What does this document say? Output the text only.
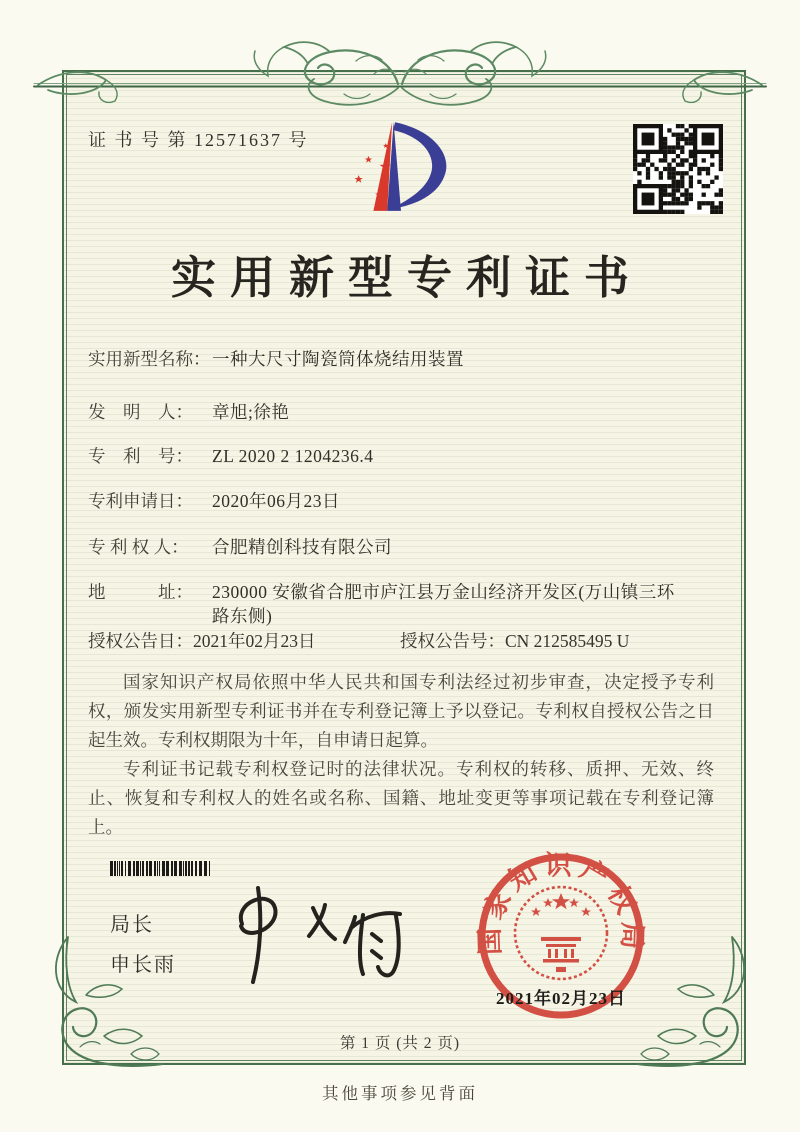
证 书 号 第 12571637 号
实用新型专利证书
实用新型名称：一种大尺寸陶瓷筒体烧结用装置
发　明　人： 章旭;徐艳
专　利　号： ZL 2020 2 1204236.4
专利申请日： 2020年06月23日
专 利 权 人： 合肥精创科技有限公司
地　　　址： 230000 安徽省合肥市庐江县万金山经济开发区(万山镇三环路东侧)
授权公告日：2021年02月23日	授权公告号：CN 212585495 U

国家知识产权局依照中华人民共和国专利法经过初步审查，决定授予专利权，颁发实用新型专利证书并在专利登记簿上予以登记。专利权自授权公告之日起生效。专利权期限为十年，自申请日起算。

专利证书记载专利权登记时的法律状况。专利权的转移、质押、无效、终止、恢复和专利权人的姓名或名称、国籍、地址变更等事项记载在专利登记簿上。

局长
申长雨
国家知识产权局
2021年02月23日
第 1 页 (共 2 页)
其他事项参见背面
